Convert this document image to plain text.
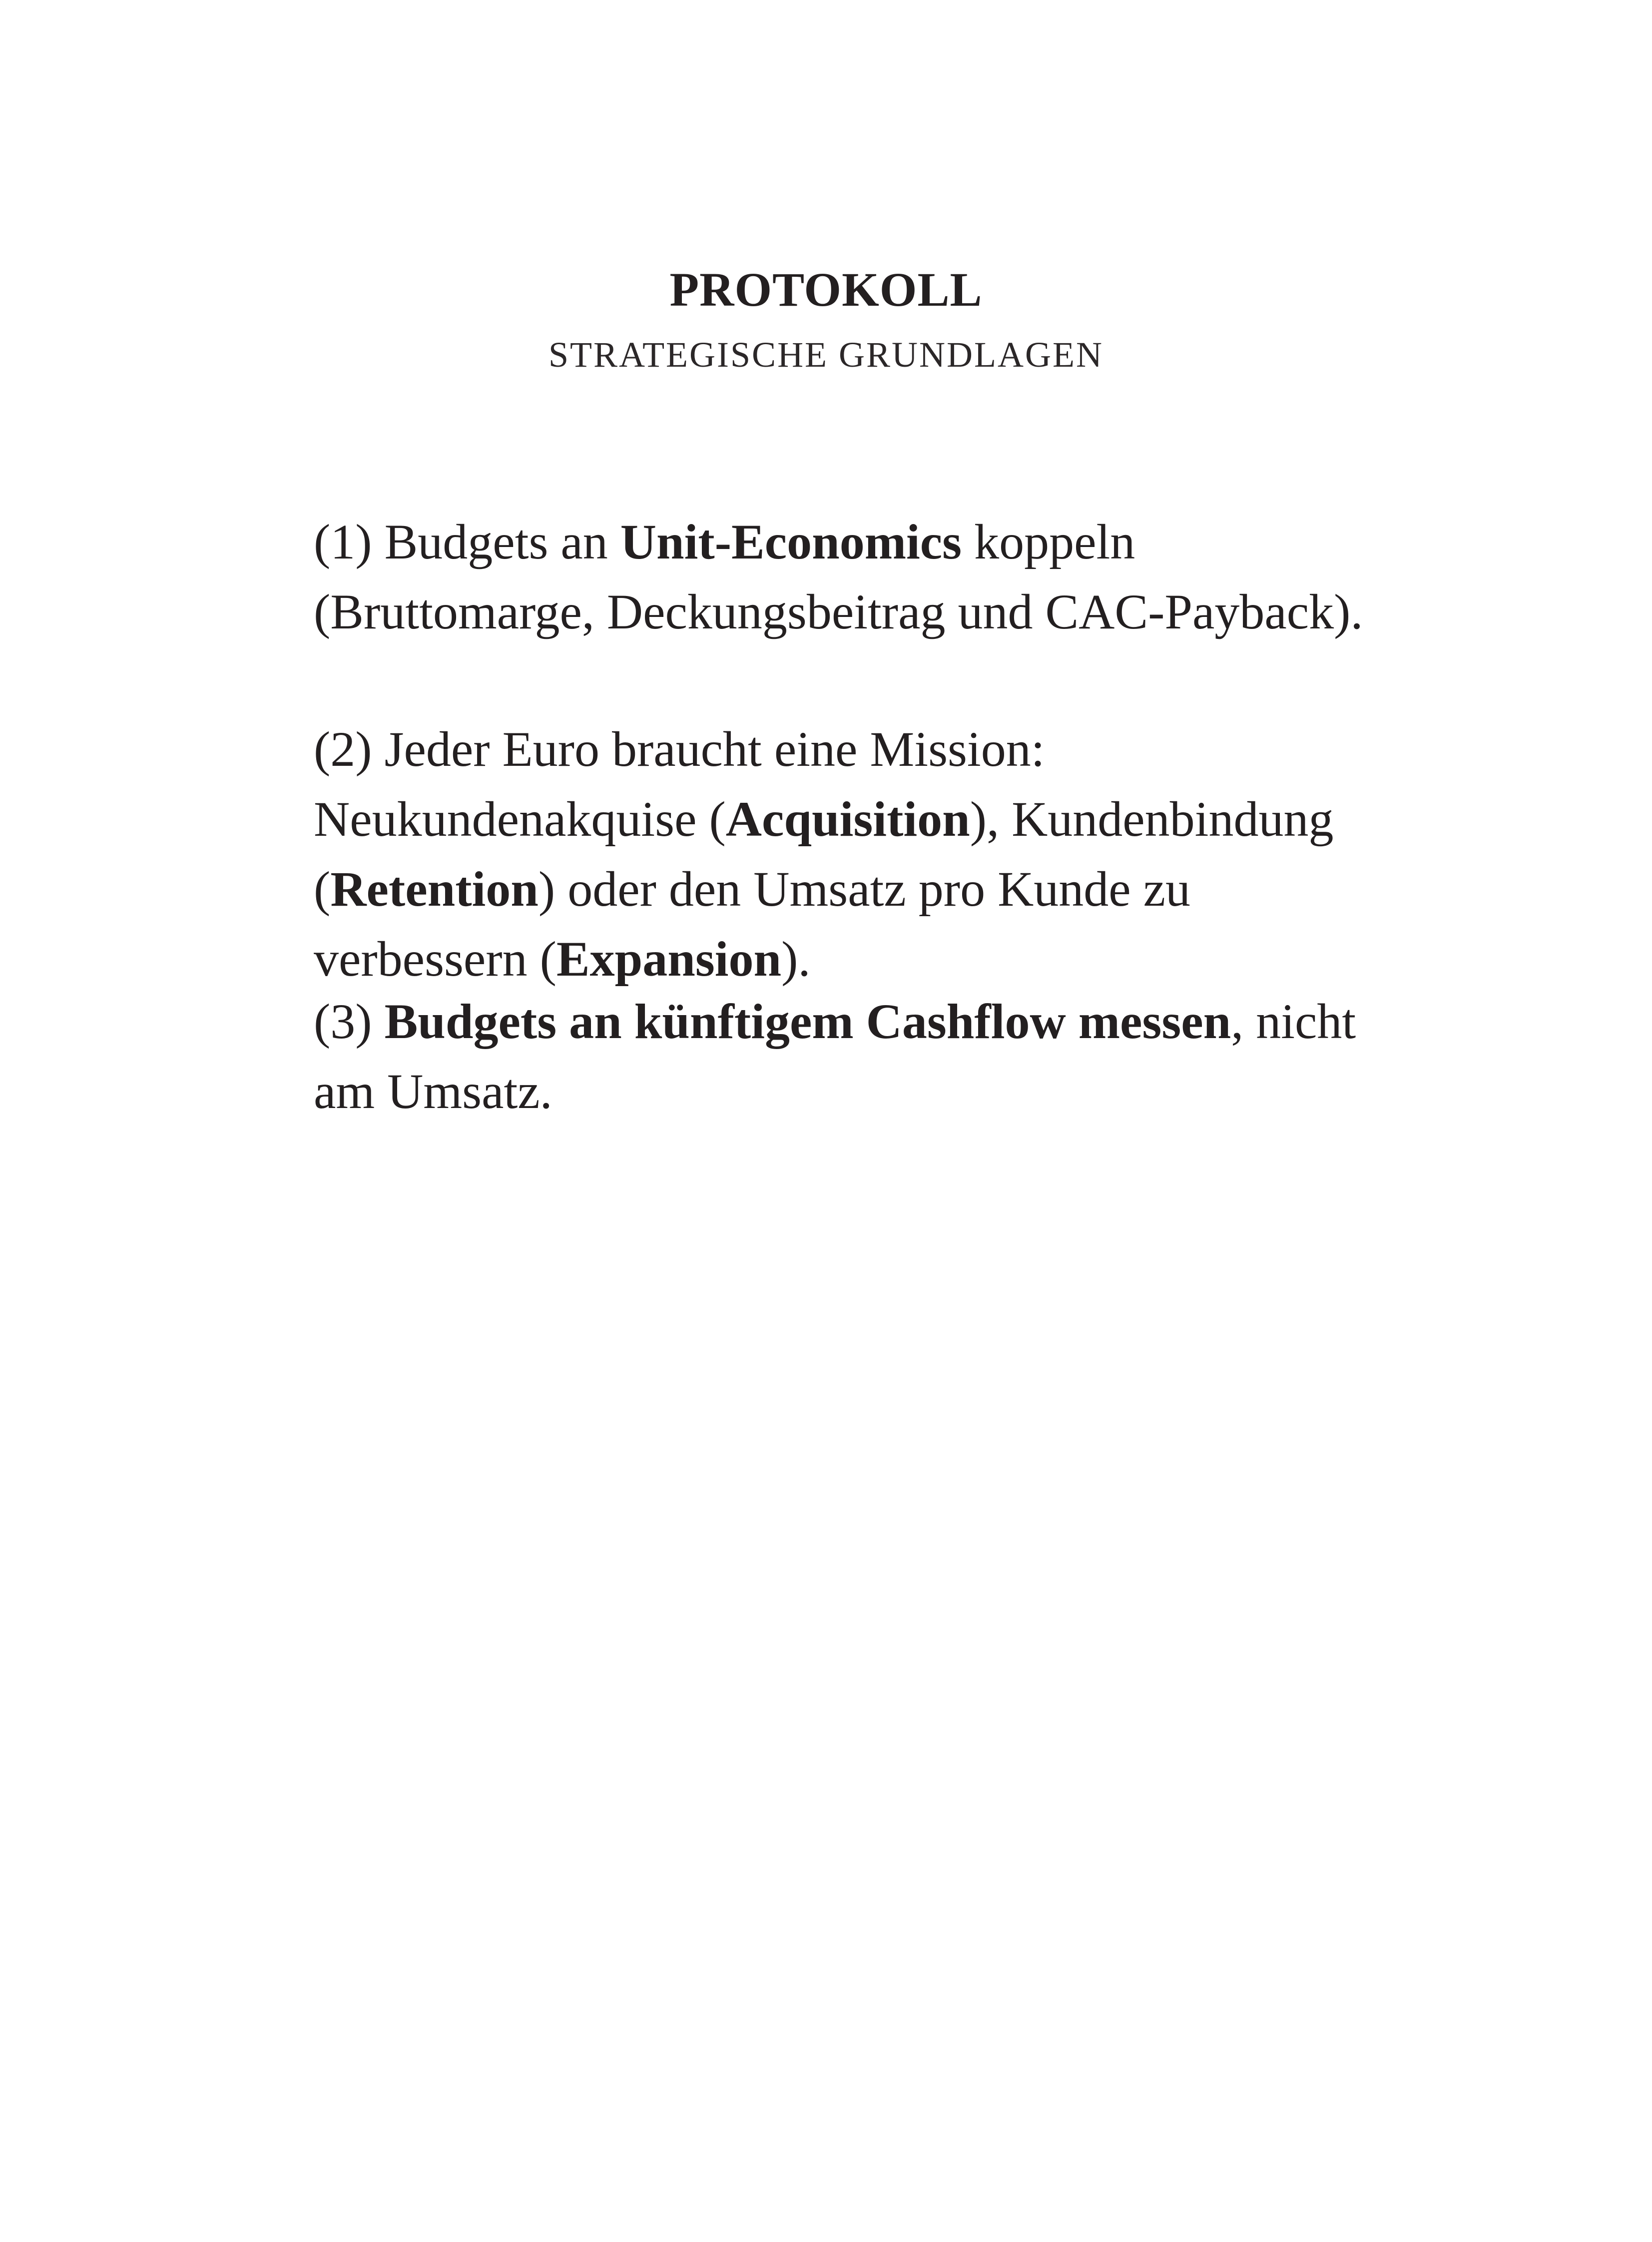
PROTOKOLL
STRATEGISCHE GRUNDLAGEN

(1) Budgets an Unit-Economics koppeln (Bruttomarge, Deckungsbeitrag und CAC-Payback).

(2) Jeder Euro braucht eine Mission: Neukundenakquise (Acquisition), Kundenbindung (Retention) oder den Umsatz pro Kunde zu verbessern (Expansion).

(3) Budgets an künftigem Cashflow messen, nicht am Umsatz.
